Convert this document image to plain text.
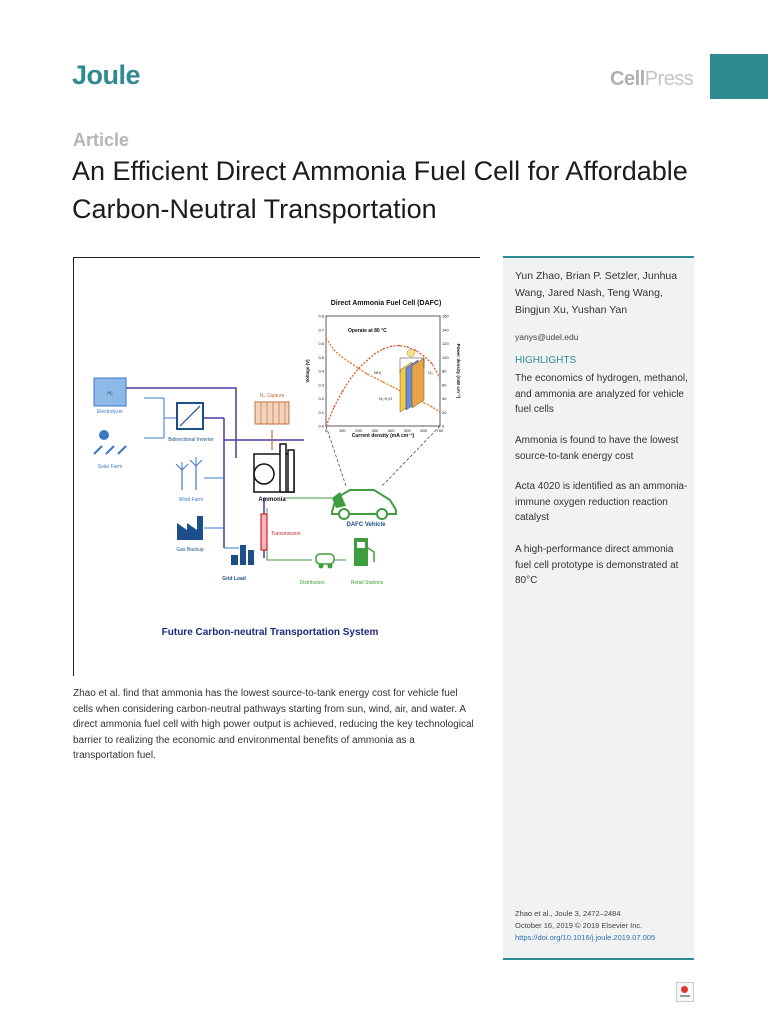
Joule	CellPress
Article
An Efficient Direct Ammonia Fuel Cell for Affordable Carbon-Neutral Transportation
Direct Ammonia Fuel Cell (DAFC)
0.0
0.1
0.2
0.3
0.4
0.5
0.6
0.7
0.8
0
20
40
60
80
100
120
140
160
0	100 200 300 400 500 600 700
Operate at 80 °C
Voltage (V)	Power density (mW cm⁻²)
Current density (mA cm⁻²)
NH₃
N₂ H₂O
O₂
H₂
Electrolyzer
Solar Farm
Bidirectional Inverter
Wind Farm
Gas Backup
Grid Load
N₂ Capture
Ammonia
Transmission
DAFC Vehicle
Distribution	Retail Stations
Future Carbon-neutral Transportation System
Zhao et al. find that ammonia has the lowest source-to-tank energy cost for vehicle fuel cells when considering carbon-neutral pathways starting from sun, wind, air, and water. A direct ammonia fuel cell with high power output is achieved, reducing the key technological barrier to realizing the economic and environmental benefits of ammonia as a transportation fuel.
Yun Zhao, Brian P. Setzler, Junhua Wang, Jared Nash, Teng Wang, Bingjun Xu, Yushan Yan
yanys@udel.edu
HIGHLIGHTS
The economics of hydrogen, methanol, and ammonia are analyzed for vehicle fuel cells
Ammonia is found to have the lowest source-to-tank energy cost
Acta 4020 is identified as an ammonia-immune oxygen reduction reaction catalyst
A high-performance direct ammonia fuel cell prototype is demonstrated at 80°C
Zhao et al., Joule 3, 2472–2484
October 16, 2019 © 2019 Elsevier Inc.
https://doi.org/10.1016/j.joule.2019.07.005
